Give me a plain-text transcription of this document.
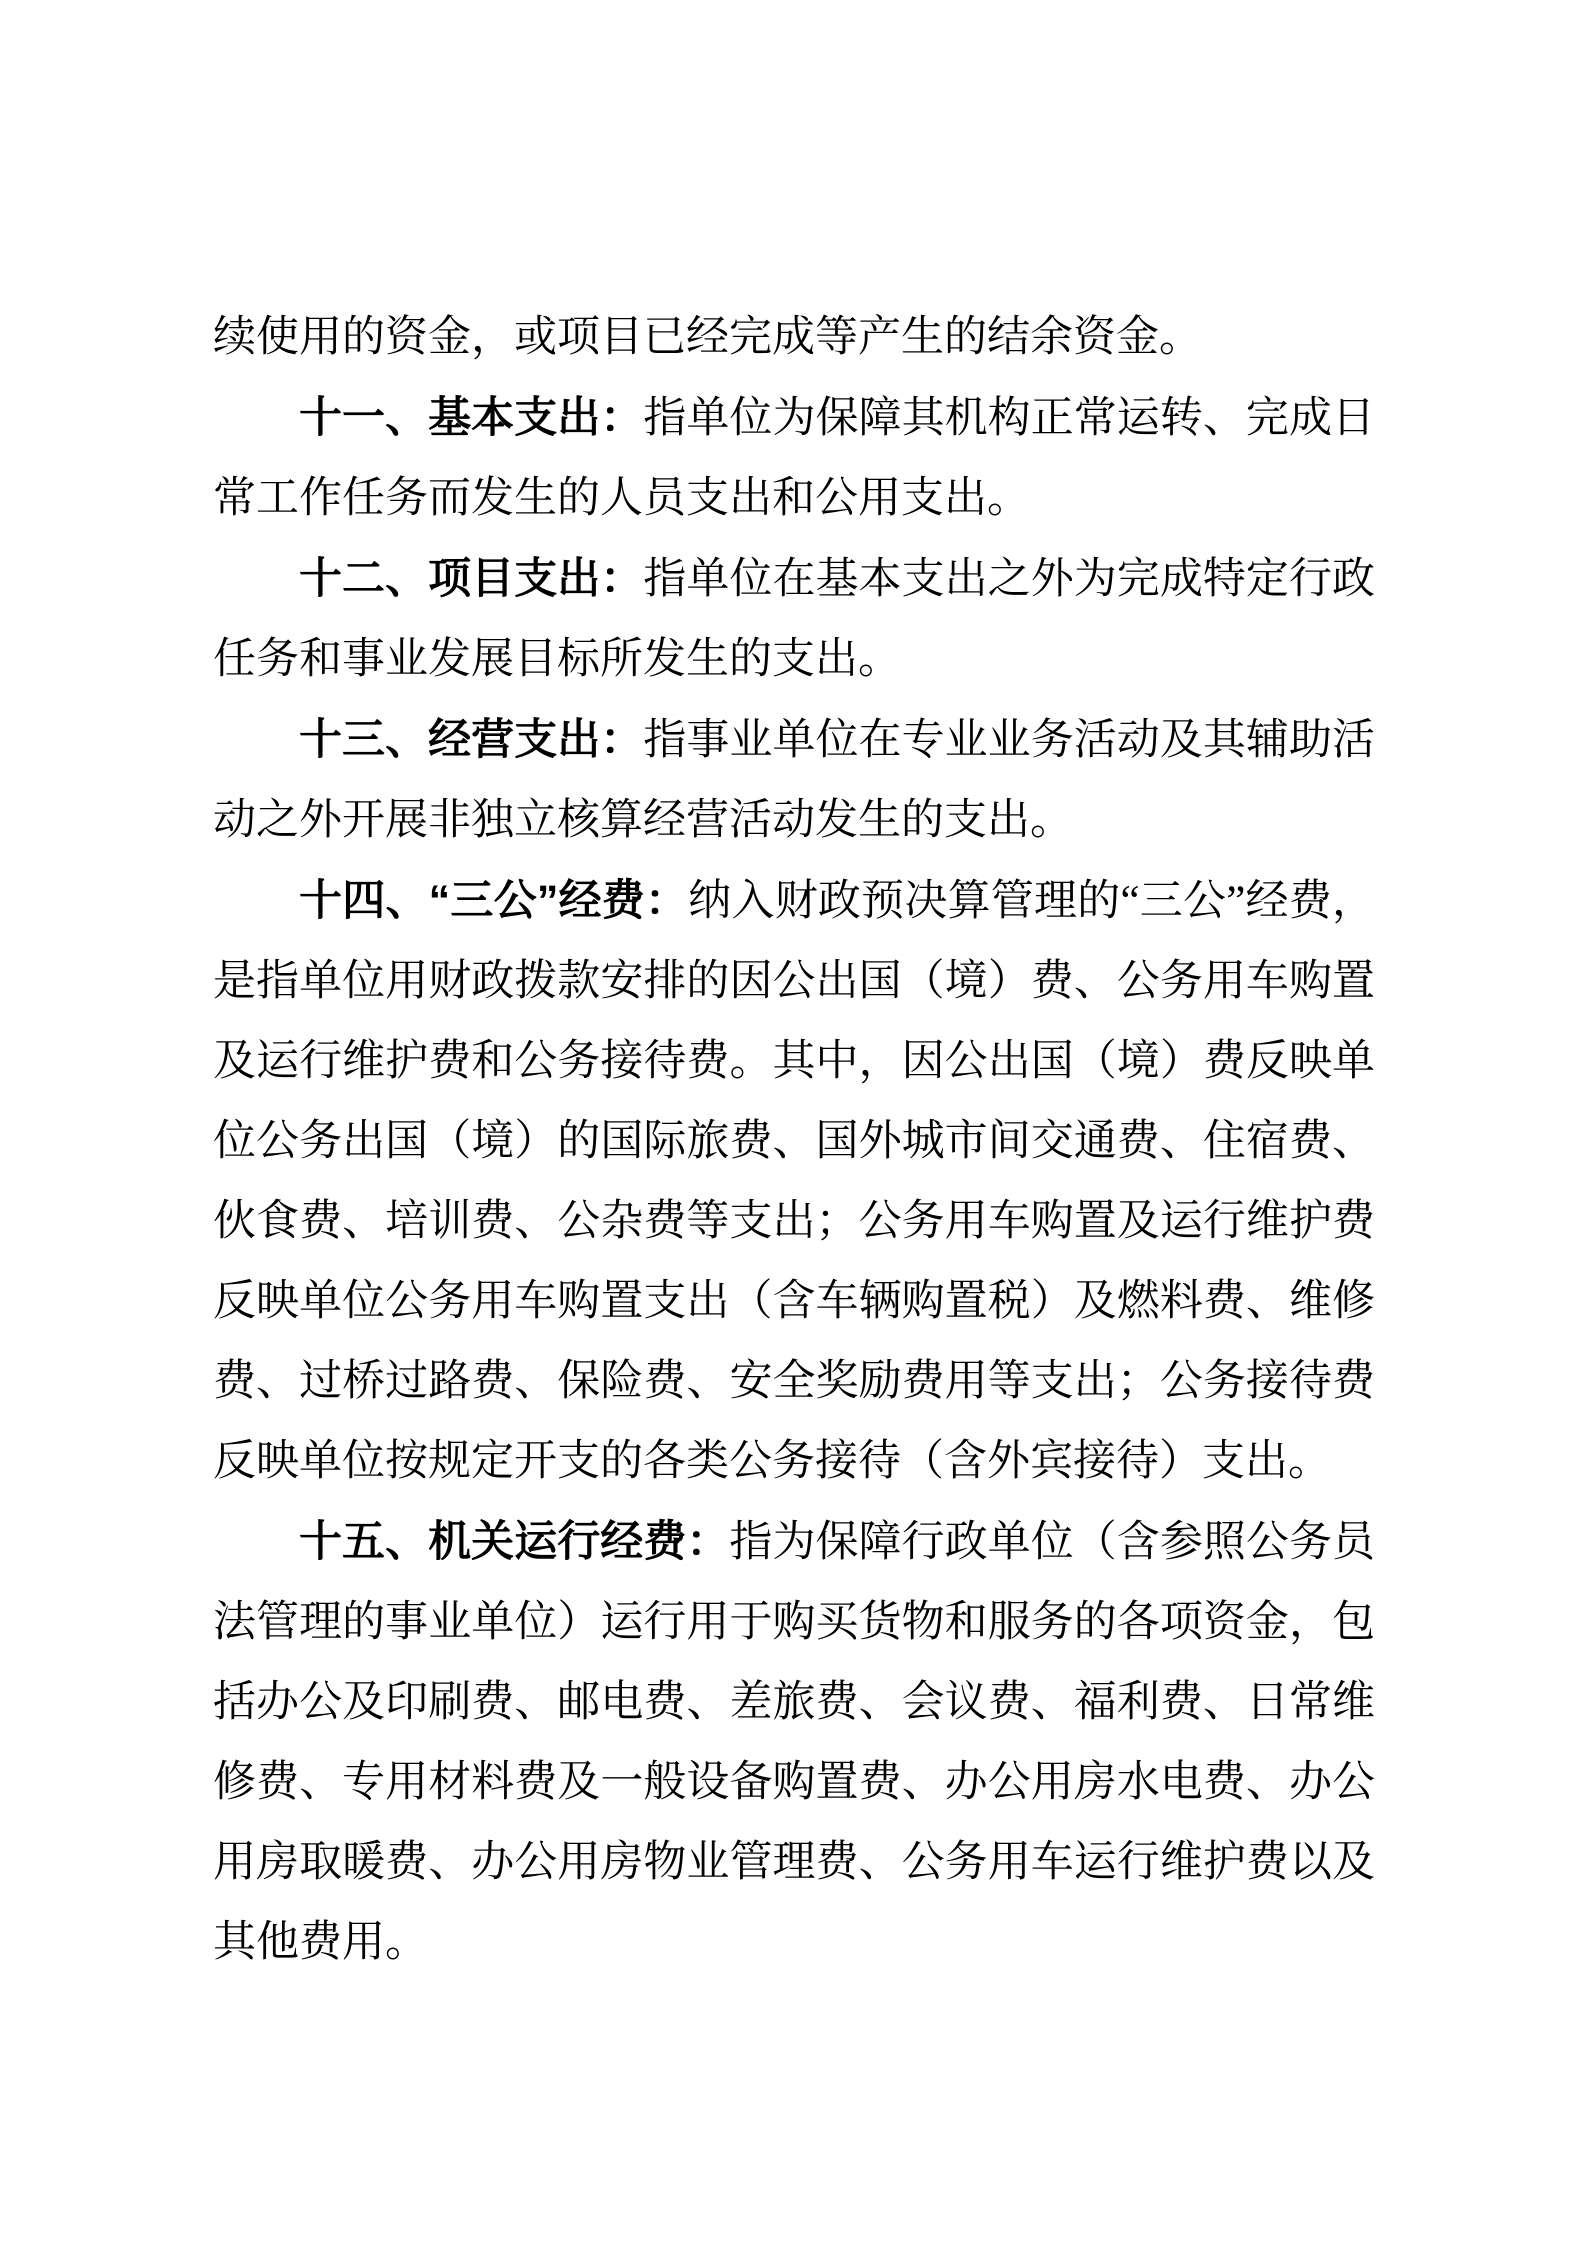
续使用的资金，或项目已经完成等产生的结余资金。

十一、基本支出：指单位为保障其机构正常运转、完成日常工作任务而发生的人员支出和公用支出。

十二、项目支出：指单位在基本支出之外为完成特定行政任务和事业发展目标所发生的支出。

十三、经营支出：指事业单位在专业业务活动及其辅助活动之外开展非独立核算经营活动发生的支出。

十四、“三公”经费：纳入财政预决算管理的“三公”经费，是指单位用财政拨款安排的因公出国（境）费、公务用车购置及运行维护费和公务接待费。其中，因公出国（境）费反映单位公务出国（境）的国际旅费、国外城市间交通费、住宿费、伙食费、培训费、公杂费等支出；公务用车购置及运行维护费反映单位公务用车购置支出（含车辆购置税）及燃料费、维修费、过桥过路费、保险费、安全奖励费用等支出；公务接待费反映单位按规定开支的各类公务接待（含外宾接待）支出。

十五、机关运行经费：指为保障行政单位（含参照公务员法管理的事业单位）运行用于购买货物和服务的各项资金，包括办公及印刷费、邮电费、差旅费、会议费、福利费、日常维修费、专用材料费及一般设备购置费、办公用房水电费、办公用房取暖费、办公用房物业管理费、公务用车运行维护费以及其他费用。
